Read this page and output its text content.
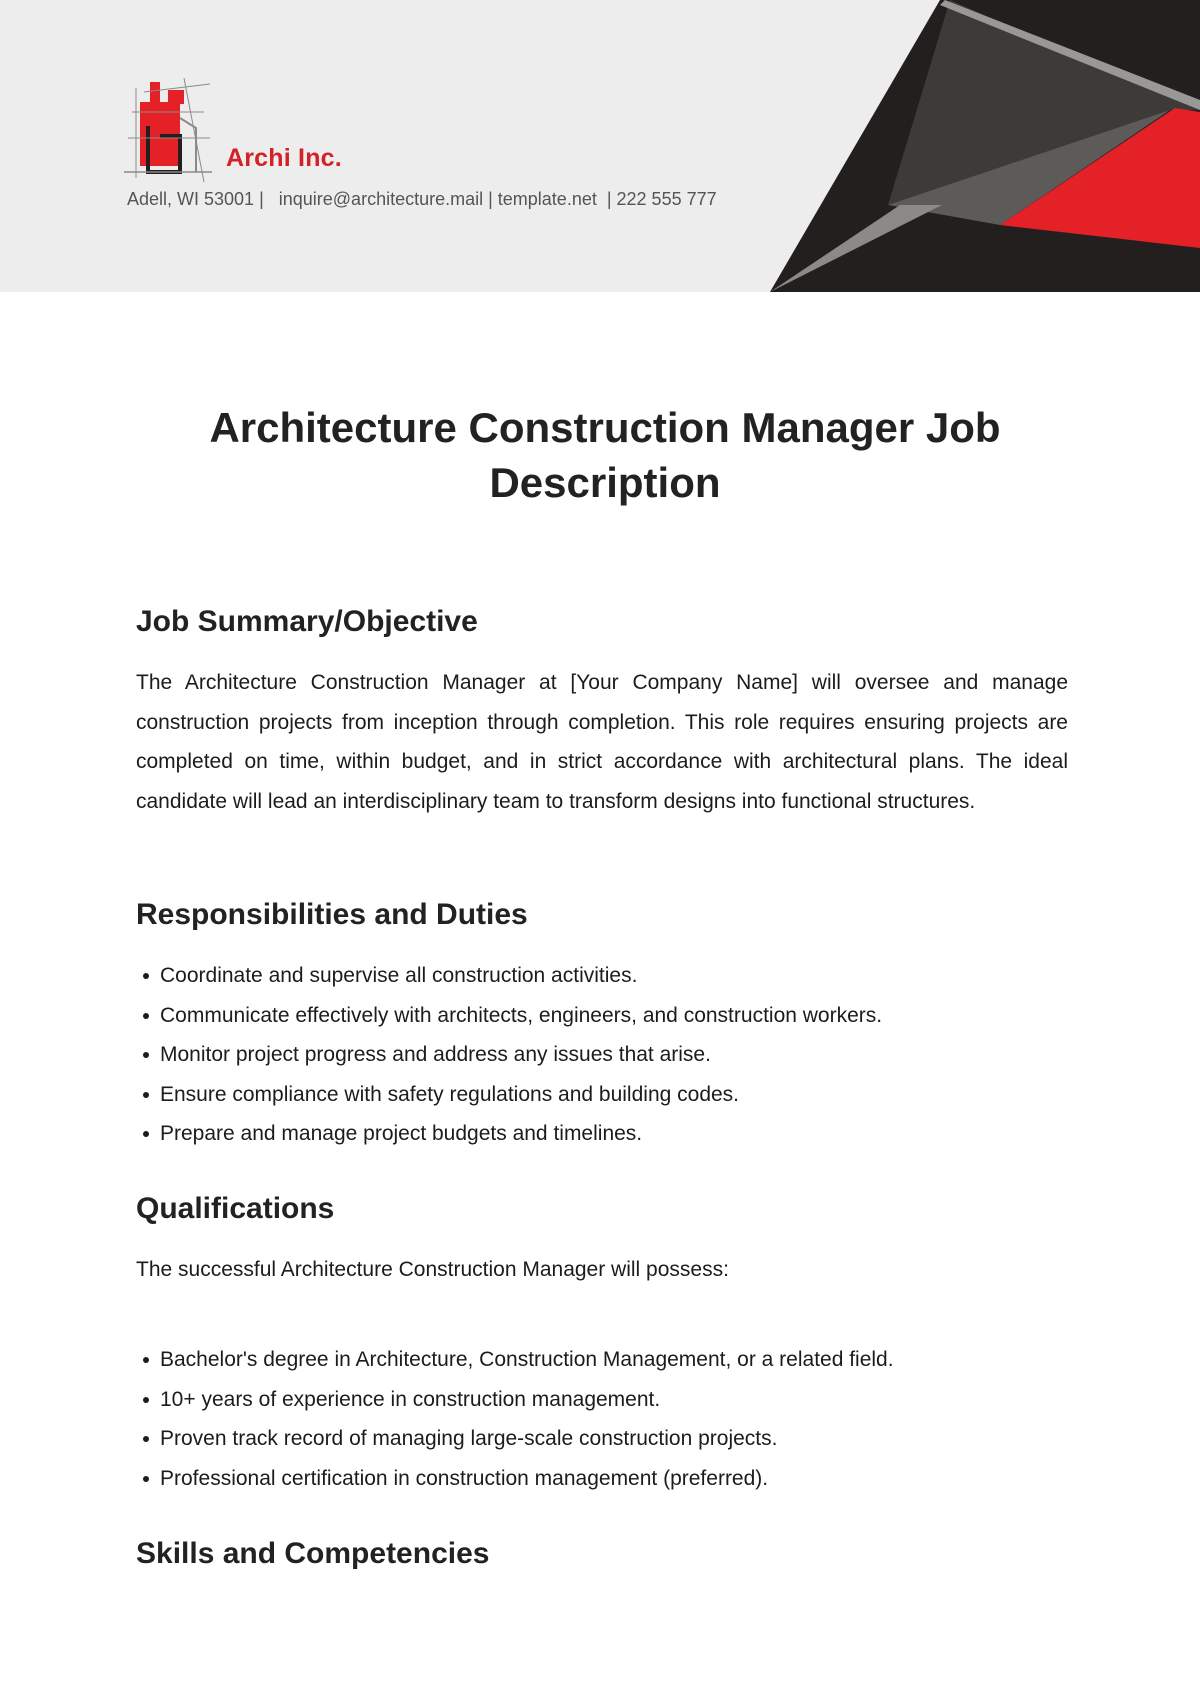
Archi Inc.
Adell, WI 53001 |   inquire@architecture.mail | template.net  | 222 555 777
Architecture Construction Manager Job Description
Job Summary/Objective

The Architecture Construction Manager at [Your Company Name] will oversee and manage construction projects from inception through completion. This role requires ensuring projects are completed on time, within budget, and in strict accordance with architectural plans. The ideal candidate will lead an interdisciplinary team to transform designs into functional structures.

Responsibilities and Duties
Coordinate and supervise all construction activities.
Communicate effectively with architects, engineers, and construction workers.
Monitor project progress and address any issues that arise.
Ensure compliance with safety regulations and building codes.
Prepare and manage project budgets and timelines.
Qualifications

The successful Architecture Construction Manager will possess:

Bachelor's degree in Architecture, Construction Management, or a related field.
10+ years of experience in construction management.
Proven track record of managing large-scale construction projects.
Professional certification in construction management (preferred).
Skills and Competencies
